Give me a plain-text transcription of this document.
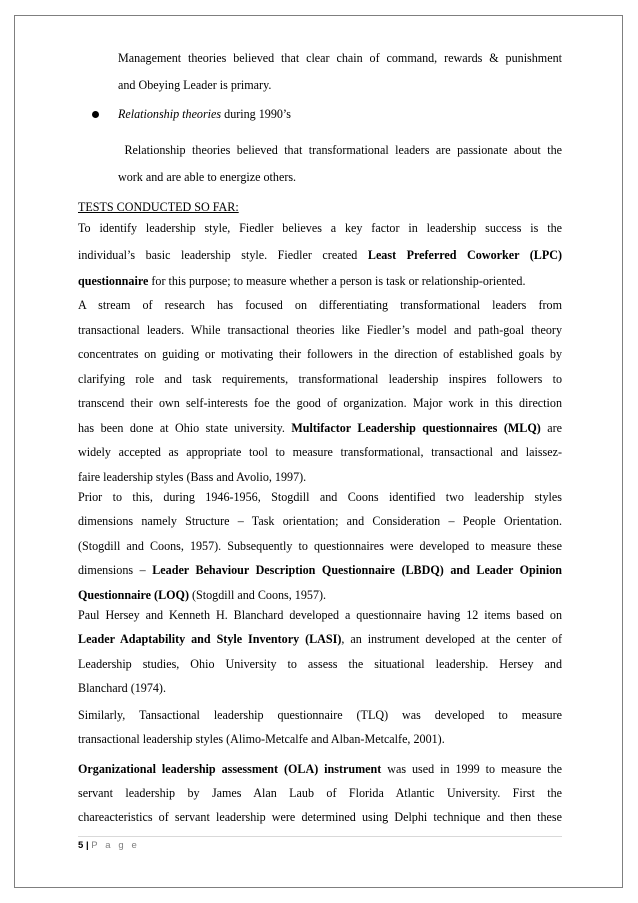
Management theories believed that clear chain of command, rewards & punishment

and Obeying Leader is primary.

Relationship theories during 1990’s

Relationship theories believed that transformational leaders are passionate about the

work and are able to energize others.

TESTS CONDUCTED SO FAR:

To identify leadership style, Fiedler believes a key factor in leadership success is the

individual’s basic leadership style. Fiedler created Least Preferred Coworker (LPC)

questionnaire for this purpose; to measure whether a person is task or relationship-oriented.

A stream of research has focused on differentiating transformational leaders from

transactional leaders. While transactional theories like Fiedler’s model and path-goal theory

concentrates on guiding or motivating their followers in the direction of established goals by

clarifying role and task requirements, transformational leadership inspires followers to

transcend their own self-interests foe the good of organization. Major work in this direction

has been done at Ohio state university. Multifactor Leadership questionnaires (MLQ) are

widely accepted as appropriate tool to measure transformational, transactional and laissez-

faire leadership styles (Bass and Avolio, 1997).

Prior to this, during 1946-1956, Stogdill and Coons identified two leadership styles

dimensions namely Structure – Task orientation; and Consideration – People Orientation.

(Stogdill and Coons, 1957). Subsequently to questionnaires were developed to measure these

dimensions – Leader Behaviour Description Questionnaire (LBDQ) and Leader Opinion

Questionnaire (LOQ) (Stogdill and Coons, 1957).

Paul Hersey and Kenneth H. Blanchard developed a questionnaire having 12 items based on

Leader Adaptability and Style Inventory (LASI), an instrument developed at the center of

Leadership studies, Ohio University to assess the situational leadership. Hersey and

Blanchard (1974).

Similarly, Tansactional leadership questionnaire (TLQ) was developed to measure

transactional leadership styles (Alimo-Metcalfe and Alban-Metcalfe, 2001).

Organizational leadership assessment (OLA) instrument was used in 1999 to measure the

servant leadership by James Alan Laub of Florida Atlantic University. First the

chareacteristics of servant leadership were determined using Delphi technique and then these

5 | P a g e
